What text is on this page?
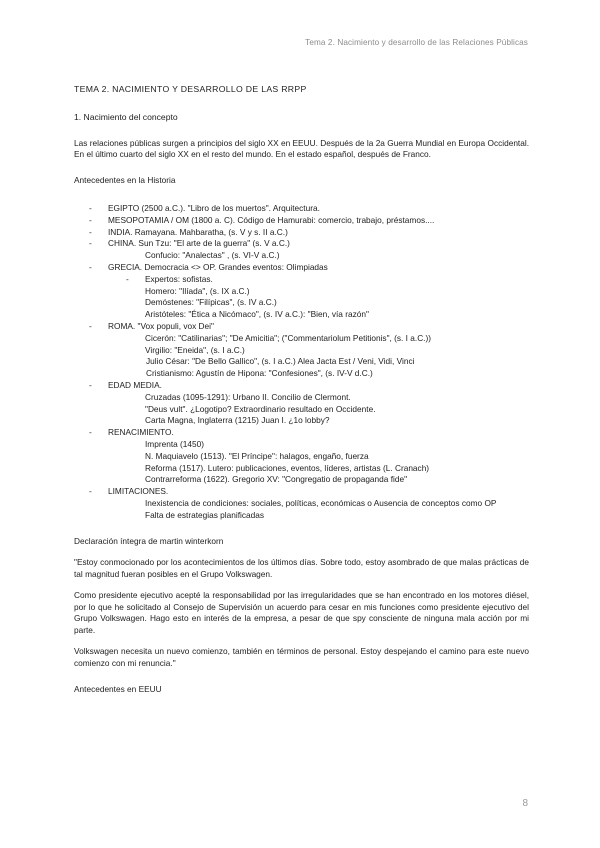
Tema 2. Nacimiento y desarrollo de las Relaciones Públicas
TEMA 2. NACIMIENTO Y DESARROLLO DE LAS RRPP
1. Nacimiento del concepto

Las relaciones públicas surgen a principios del siglo XX en EEUU. Después de la 2a Guerra Mundial en Europa Occidental. En el último cuarto del siglo XX en el resto del mundo. En el estado español, después de Franco.

Antecedentes en la Historia
- EGIPTO (2500 a.C.). "Libro de los muertos". Arquitectura.
- MESOPOTAMIA / OM (1800 a. C). Código de Hamurabi: comercio, trabajo, préstamos....
- INDIA. Ramayana. Mahbaratha, (s. V y s. II a.C.)
- CHINA. Sun Tzu: "El arte de la guerra" (s. V a.C.)
Confucio: "Analectas" , (s. VI-V a.C.)
- GRECIA. Democracia <> OP. Grandes eventos: Olimpiadas
- Expertos: sofistas.
Homero: "Ilíada", (s. IX a.C.)
Demóstenes: "Filípicas", (s. IV a.C.)
Aristóteles: "Ética a Nicómaco", (s. IV a.C.): "Bien, vía razón"
- ROMA. "Vox populi, vox Dei"
Cicerón: "Catilinarias"; "De Amicitia"; ("Commentariolum Petitionis", (s. I a.C.))
Virgilio: "Eneida", (s. I a.C.)
Julio César: "De Bello Gallico", (s. I a.C.) Alea Jacta Est / Veni, Vidi, Vinci
Cristianismo: Agustín de Hipona: "Confesiones", (s. IV-V d.C.)
- EDAD MEDIA.
Cruzadas (1095-1291): Urbano II. Concilio de Clermont.
"Deus vult". ¿Logotipo? Extraordinario resultado en Occidente.
Carta Magna, Inglaterra (1215) Juan I. ¿1o lobby?
- RENACIMIENTO.
Imprenta (1450)
N. Maquiavelo (1513). "El Príncipe": halagos, engaño, fuerza
Reforma (1517). Lutero: publicaciones, eventos, líderes, artistas (L. Cranach)
Contrarreforma (1622). Gregorio XV: "Congregatio de propaganda fide"
- LIMITACIONES.
Inexistencia de condiciones: sociales, políticas, económicas o Ausencia de conceptos como OP
Falta de estrategias planificadas
Declaración íntegra de martin winterkorn

"Estoy conmocionado por los acontecimientos de los últimos días. Sobre todo, estoy asombrado de que malas prácticas de tal magnitud fueran posibles en el Grupo Volkswagen.

Como presidente ejecutivo acepté la responsabilidad por las irregularidades que se han encontrado en los motores diésel, por lo que he solicitado al Consejo de Supervisión un acuerdo para cesar en mis funciones como presidente ejecutivo del Grupo Volkswagen. Hago esto en interés de la empresa, a pesar de que spy consciente de ninguna mala acción por mi parte.

Volkswagen necesita un nuevo comienzo, también en términos de personal. Estoy despejando el camino para este nuevo comienzo con mi renuncia."

Antecedentes en EEUU
8
